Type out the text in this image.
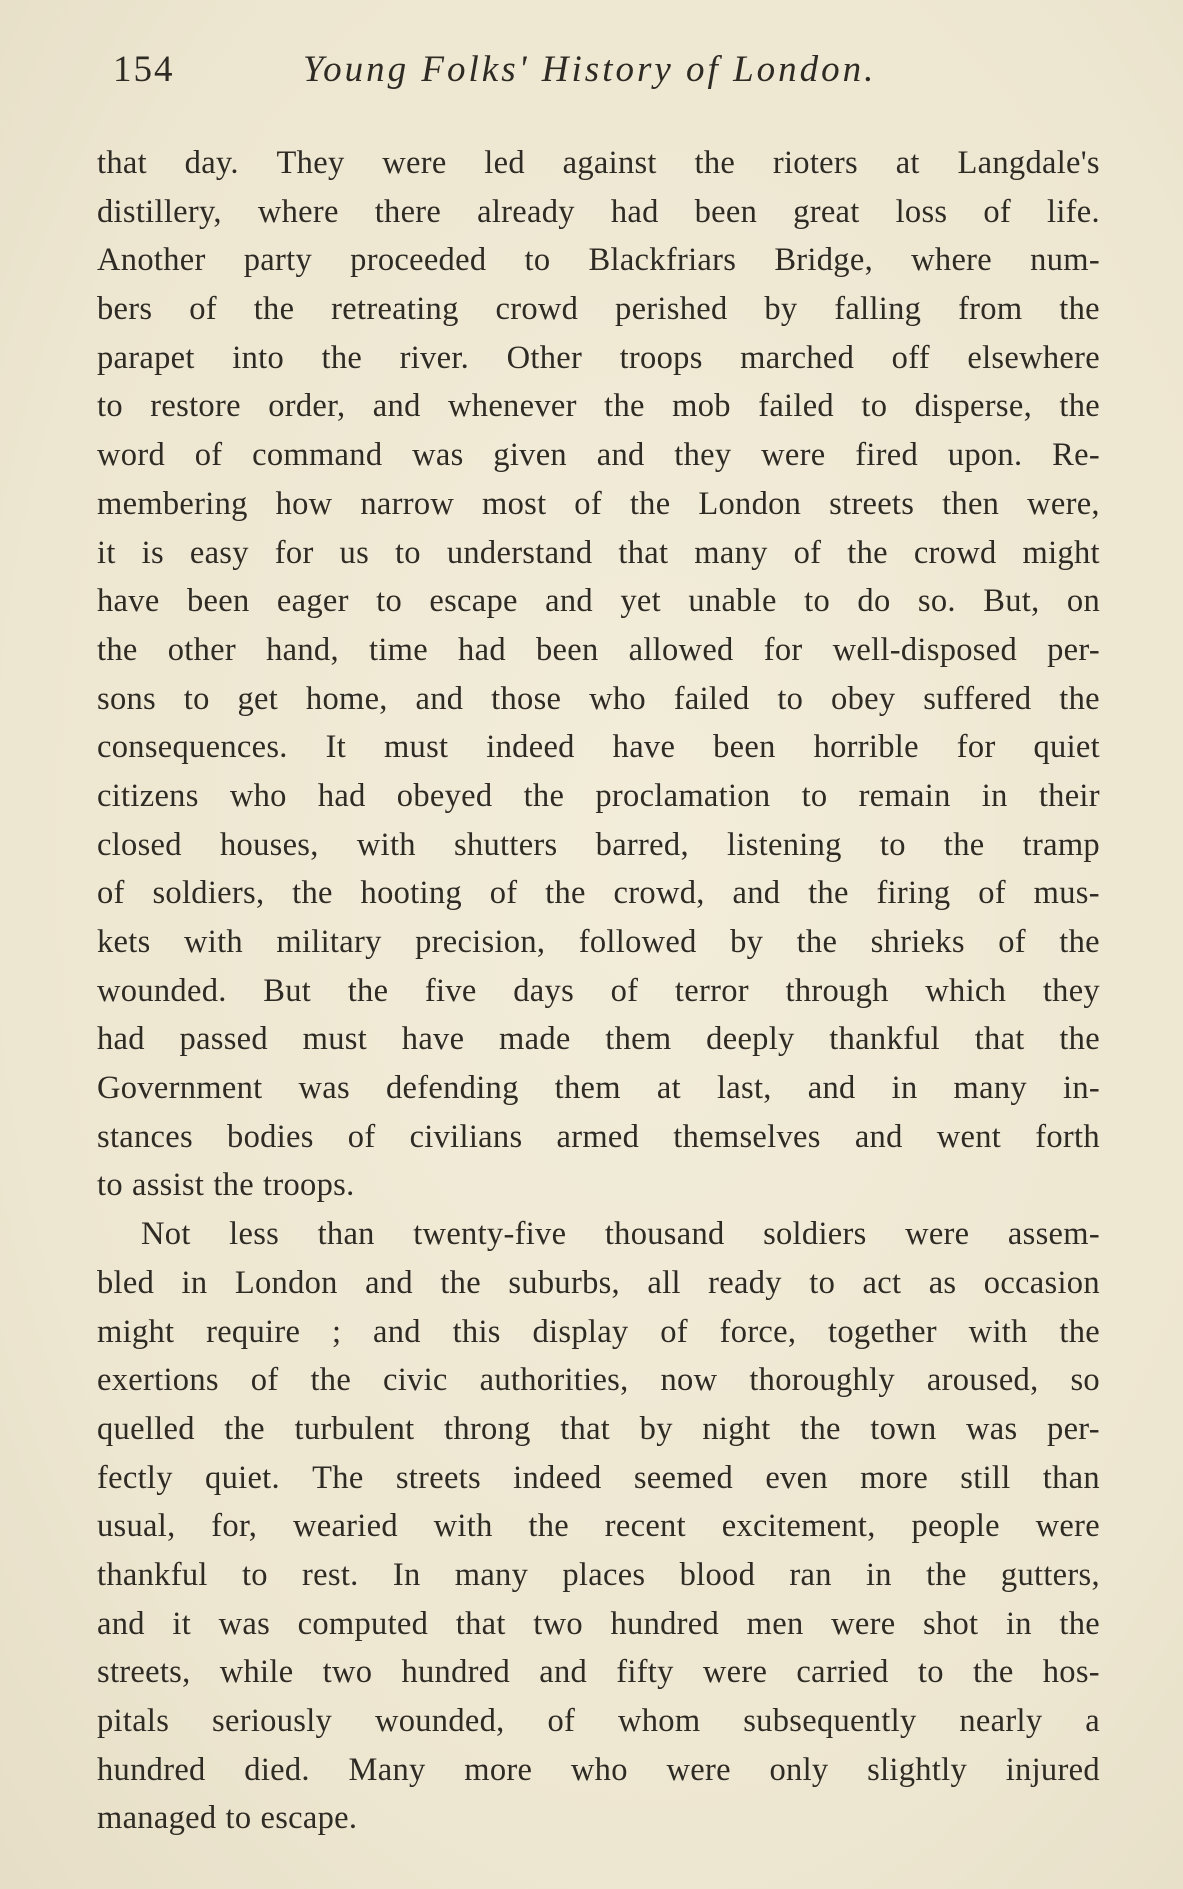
154	Young Folks' History of London.
that day. They were led against the rioters at Langdale's
distillery, where there already had been great loss of life.
Another party proceeded to Blackfriars Bridge, where num-
bers of the retreating crowd perished by falling from the
parapet into the river. Other troops marched off elsewhere
to restore order, and whenever the mob failed to disperse, the
word of command was given and they were fired upon. Re-
membering how narrow most of the London streets then were,
it is easy for us to understand that many of the crowd might
have been eager to escape and yet unable to do so. But, on
the other hand, time had been allowed for well-disposed per-
sons to get home, and those who failed to obey suffered the
consequences. It must indeed have been horrible for quiet
citizens who had obeyed the proclamation to remain in their
closed houses, with shutters barred, listening to the tramp
of soldiers, the hooting of the crowd, and the firing of mus-
kets with military precision, followed by the shrieks of the
wounded. But the five days of terror through which they
had passed must have made them deeply thankful that the
Government was defending them at last, and in many in-
stances bodies of civilians armed themselves and went forth
to assist the troops.
Not less than twenty-five thousand soldiers were assem-
bled in London and the suburbs, all ready to act as occasion
might require ; and this display of force, together with the
exertions of the civic authorities, now thoroughly aroused, so
quelled the turbulent throng that by night the town was per-
fectly quiet. The streets indeed seemed even more still than
usual, for, wearied with the recent excitement, people were
thankful to rest. In many places blood ran in the gutters,
and it was computed that two hundred men were shot in the
streets, while two hundred and fifty were carried to the hos-
pitals seriously wounded, of whom subsequently nearly a
hundred died. Many more who were only slightly injured
managed to escape.
